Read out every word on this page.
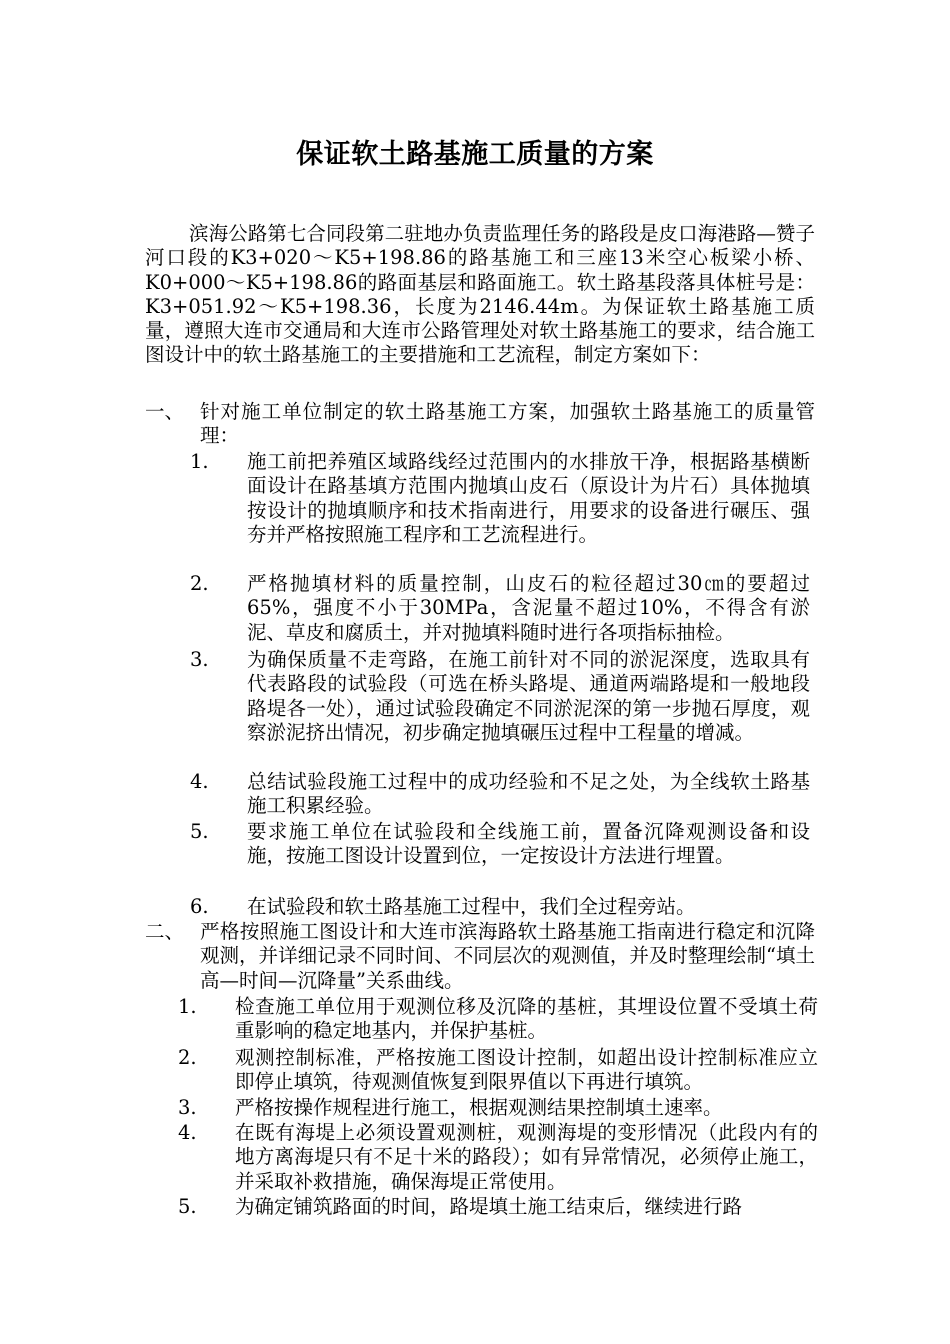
保证软土路基施工质量的方案
滨海公路第七合同段第二驻地办负责监理任务的路段是皮口海港路—赞子河口段的K3+020～K5+198.86的路基施工和三座13米空心板梁小桥、K0+000～K5+198.86的路面基层和路面施工。软土路基段落具体桩号是：K3+051.92～K5+198.36，长度为2146.44m。为保证软土路基施工质量，遵照大连市交通局和大连市公路管理处对软土路基施工的要求，结合施工图设计中的软土路基施工的主要措施和工艺流程，制定方案如下：
一、 针对施工单位制定的软土路基施工方案，加强软土路基施工的质量管理：
1.	施工前把养殖区域路线经过范围内的水排放干净，根据路基横断面设计在路基填方范围内抛填山皮石（原设计为片石）具体抛填按设计的抛填顺序和技术指南进行，用要求的设备进行碾压、强夯并严格按照施工程序和工艺流程进行。
2.	严格抛填材料的质量控制，山皮石的粒径超过30㎝的要超过65%，强度不小于30MPa，含泥量不超过10%，不得含有淤泥、草皮和腐质土，并对抛填料随时进行各项指标抽检。
3.	为确保质量不走弯路，在施工前针对不同的淤泥深度，选取具有代表路段的试验段（可选在桥头路堤、通道两端路堤和一般地段路堤各一处），通过试验段确定不同淤泥深的第一步抛石厚度，观察淤泥挤出情况，初步确定抛填碾压过程中工程量的增减。
4.	总结试验段施工过程中的成功经验和不足之处，为全线软土路基施工积累经验。
5.	要求施工单位在试验段和全线施工前，置备沉降观测设备和设施，按施工图设计设置到位，一定按设计方法进行埋置。
6.	在试验段和软土路基施工过程中，我们全过程旁站。
二、 严格按照施工图设计和大连市滨海路软土路基施工指南进行稳定和沉降观测，并详细记录不同时间、不同层次的观测值，并及时整理绘制“填土高—时间—沉降量”关系曲线。
1.	检查施工单位用于观测位移及沉降的基桩，其埋设位置不受填土荷重影响的稳定地基内，并保护基桩。
2.	观测控制标准，严格按施工图设计控制，如超出设计控制标准应立即停止填筑，待观测值恢复到限界值以下再进行填筑。
3.	严格按操作规程进行施工，根据观测结果控制填土速率。
4.	在既有海堤上必须设置观测桩，观测海堤的变形情况（此段内有的地方离海堤只有不足十米的路段）；如有异常情况，必须停止施工，并采取补救措施，确保海堤正常使用。
5.	为确定铺筑路面的时间，路堤填土施工结束后，继续进行路
